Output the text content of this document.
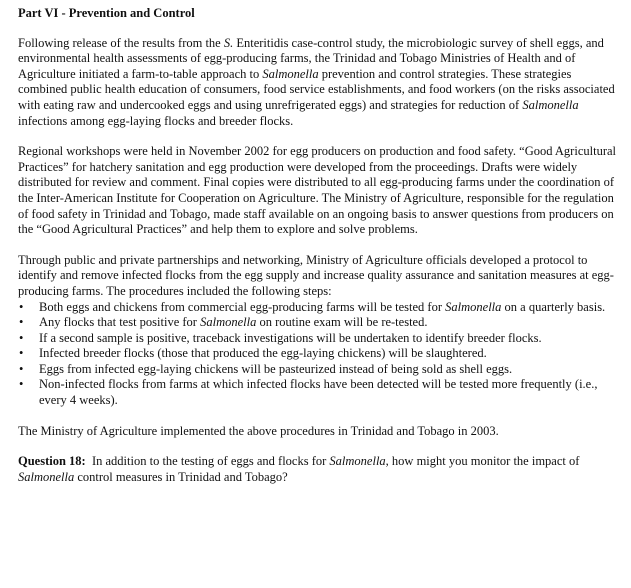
Part VI - Prevention and Control

Following release of the results from the S. Enteritidis case-control study, the microbiologic survey of shell eggs, and environmental health assessments of egg-producing farms, the Trinidad and Tobago Ministries of Health and of Agriculture initiated a farm-to-table approach to Salmonella prevention and control strategies. These strategies combined public health education of consumers, food service establishments, and food workers (on the risks associated with eating raw and undercooked eggs and using unrefrigerated eggs) and strategies for reduction of Salmonella infections among egg-laying flocks and breeder flocks.

Regional workshops were held in November 2002 for egg producers on production and food safety. “Good Agricultural Practices” for hatchery sanitation and egg production were developed from the proceedings. Drafts were widely distributed for review and comment. Final copies were distributed to all egg-producing farms under the coordination of the Inter-American Institute for Cooperation on Agriculture. The Ministry of Agriculture, responsible for the regulation of food safety in Trinidad and Tobago, made staff available on an ongoing basis to answer questions from producers on the “Good Agricultural Practices” and help them to explore and solve problems.

Through public and private partnerships and networking, Ministry of Agriculture officials developed a protocol to identify and remove infected flocks from the egg supply and increase quality assurance and sanitation measures at egg-producing farms. The procedures included the following steps:

• Both eggs and chickens from commercial egg-producing farms will be tested for Salmonella on a quarterly basis.
• Any flocks that test positive for Salmonella on routine exam will be re-tested.
• If a second sample is positive, traceback investigations will be undertaken to identify breeder flocks.
• Infected breeder flocks (those that produced the egg-laying chickens) will be slaughtered.
• Eggs from infected egg-laying chickens will be pasteurized instead of being sold as shell eggs.
• Non-infected flocks from farms at which infected flocks have been detected will be tested more frequently (i.e., every 4 weeks).

The Ministry of Agriculture implemented the above procedures in Trinidad and Tobago in 2003.

Question 18:  In addition to the testing of eggs and flocks for Salmonella, how might you monitor the impact of Salmonella control measures in Trinidad and Tobago?
